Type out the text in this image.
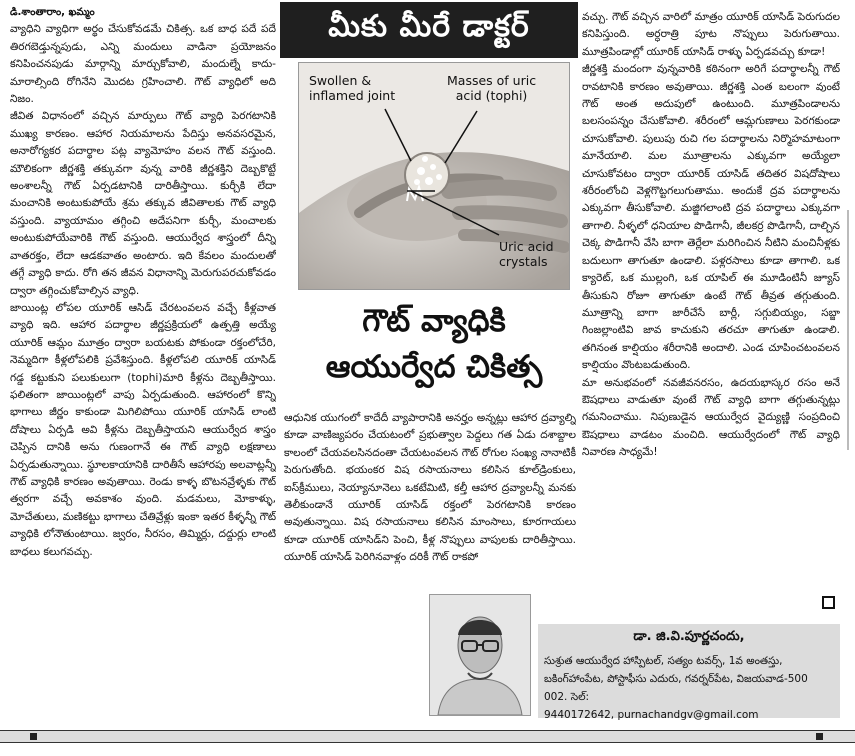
డి.శాంతారాం, ఖమ్మం

వ్యాధిని వ్యాధిగా అర్థం చేసుకోవడమే చికిత్స. ఒక బాధ పదే పదే తిరగబెడ్తున్నపుడు, ఎన్ని మందులు వాడినా ప్రయోజనం కనిపించనపుడు మార్గాన్ని మార్చుకోవాలి, మందుల్నే కాదు- మారాల్సింది రోగినేని మొదట గ్రహించాలి. గౌట్ వ్యాధిలో అది నిజం.

జీవిత విధానంలో వచ్చిన మార్పులు గౌట్ వ్యాధి పెరగటానికి ముఖ్య కారణం. ఆహార నియమాలను పేదిస్తు అనవసరమైన, అనారోగ్యకర పదార్థాల పట్ల వ్యామోహం వలన గౌట్ వస్తుంది. మౌలికంగా జీర్ణశక్తి తక్కువగా వున్న వారికి జీర్ణశక్తిని దెబ్బకొట్టే అంశాలన్నీ గౌట్ ఏర్పడటానికి దారితీస్తాయి. కుర్చీకి లేదా మంచానికి అంటుకుపోయే శ్రమ తక్కువ జీవితాలకు గౌట్ వ్యాధి వస్తుంది. వ్యాయామం తగ్గించి అదేపనిగా కుర్చీ, మంచాలకు అంటుకుపోయేవారికి గౌట్ వస్తుంది. ఆయుర్వేద శాస్త్రంలో దీన్ని వాతరక్తం, లేదా ఆడకవాతం అంటారు. ఇది కేవలం మందులతో తగ్గే వ్యాధి కాదు. రోగి తన జీవన విధానాన్ని మెరుగుపరచుకోవడం ద్వారా తగ్గించుకోవాల్సిన వ్యాధి.

జాయింట్ల లోపల యూరిక్ ఆసిడ్ చేరటంవలన వచ్చే కీళ్లవాత వ్యాధి ఇది. ఆహార పదార్థాల జీర్ణప్రక్రియలో ఉత్పత్తి అయ్యే యూరిక్ ఆమ్లం మూత్రం ద్వారా బయటకు పోకుండా రక్తంలోచేరి, నెమ్మదిగా కీళ్లలోపలికి ప్రవేశిస్తుంది. కీళ్లలోపలి యూరిక్ యాసిడ్ గడ్డ కట్టుకుని పలుకులుగా (tophi)మారి కీళ్లను దెబ్బతీస్తాయి. ఫలితంగా జాయింట్లలో వాపు ఏర్పడుతుంది. ఆహారంలో కొన్ని భాగాలు జీర్ణం కాకుండా మిగిలిపోయి యూరిక్ యాసిడ్ లాంటి దోషాలు ఏర్పడి అవి కీళ్లను దెబ్బతీస్తాయని ఆయుర్వేద శాస్త్రం చెప్పిన దానికి అను గుణంగానే ఈ గౌట్ వ్యాధి లక్షణాలు ఏర్పడుతున్నాయి. స్థూలకాయానికి దారితీసే ఆహారపు అలవాట్లన్నీ గౌట్ వ్యాధికి కారణం అవుతాయి. రెండు కాళ్ళ బొటనవ్రేళ్ళకు గౌట్ త్వరగా వచ్చే అవకాశం వుంది. మడమలు, మోకాళ్ళు, మోచేతులు, మణికట్టు భాగాలు చేతివ్రేళ్లు ఇంకా ఇతర కీళ్ళన్నీ గౌట్ వ్యాధికి లోనౌతుంటాయి. జ్వరం, నీరసం, తిమ్మిర్లు, దద్దుర్లు లాంటి బాధలు కలుగవచ్చు.

మీకు మీరే డాక్టర్
Swollen &
inflamed joint
Masses of uric
acid (tophi)
Uric acid
crystals
గౌట్ వ్యాధికి
ఆయుర్వేద చికిత్స

వచ్చు. గౌట్ వచ్చిన వారిలో మాత్రం యూరిక్ యాసిడ్ పెరుగుదల కనిపిస్తుంది. అర్ధరాత్రి పూట నొప్పులు పెరుగుతాయి. మూత్రపిండాల్లో యూరిక్ యాసిడ్ రాళ్ళు ఏర్పడవచ్చు కూడా!

జీర్ణశక్తి మందంగా వున్నవారికి కఠినంగా అరిగే పదార్థాలన్నీ గౌట్ రావటానికి కారణం అవుతాయి. జీర్ణశక్తి ఎంత బలంగా వుంటే గౌట్ అంత అదుపులో ఉంటుంది. మూత్రపిండాలను బలసంపన్నం చేసుకోవాలి. శరీరంలో ఆమ్లగుణాలు పెరగకుండా చూసుకోవాలి. పులుపు రుచి గల పదార్థాలను నిర్మొహమాటంగా మానేయాలి. మల మూత్రాలను ఎక్కువగా అయ్యేలా చూసుకోవటం ద్వారా యూరిక్ యాసిడ్ తదితర విషదోషాలు శరీరంలోంచి వెళ్లగొట్టగలుగుతాము. అందుకే ద్రవ పదార్థాలను ఎక్కువగా తీసుకోవాలి. మజ్జిగలాంటి ద్రవ పదార్థాలు ఎక్కువగా తాగాలి. నీళ్ళలో ధనియాల పొడిగానీ, జీలకర్ర పొడిగానీ, దాల్చిన చెక్క పొడిగానీ వేసి బాగా తెర్లేలా మరిగించిన నీటిని మంచినీళ్లకు బదులుగా తాగుతూ ఉండాలి. పళ్లరసాలు కూడా తాగాలి. ఒక క్యారెట్, ఒక ముల్లంగి, ఒక యాపిల్ ఈ మూడింటినీ జ్యూస్ తీసుకుని రోజూ తాగుతూ ఉంటే గౌట్ తీవ్రత తగ్గుతుంది. మూత్రాన్ని బాగా జారీచేసే బార్లీ, సగ్గుబియ్యం, సబ్జా గింజల్లాంటివి జావ కాచుకుని తరచూ తాగుతూ ఉండాలి. తగినంత కాల్షియం శరీరానికి అందాలి. ఎండ చూపించటంవలన కాల్షియం వొంటబడుతుంది.

మా అనుభవంలో నవజీవనరసం, ఉదయభాస్కర రసం అనే ఔషధాలు వాడుతూ వుంటే గౌట్ వ్యాధి బాగా తగ్గుతున్నట్లు గమనించాము. నిపుణుడైన ఆయుర్వేద వైద్యుణ్ణి సంప్రదించి ఔషధాలు వాడటం మంచిది. ఆయుర్వేదంలో గౌట్ వ్యాధి నివారణ సాధ్యమే!

ఆధునిక యుగంలో కాదేదీ వ్యాపారానికి అనర్హం అన్నట్లు ఆహార ద్రవ్యాల్ని కూడా వాణిజ్యపరం చేయటంలో ప్రభుత్వాల పెద్దలు గత ఏడు దశాబ్దాల కాలంలో చేయవలసినదంతా చేయటంవలన గౌట్ రోగుల సంఖ్య నానాటికీ పెరుగుతోంది. భయంకర విష రసాయనాలు కలిసిన కూల్‌డ్రింకులు, ఐస్‌క్రీములు, నెయ్యానూనెలు ఒకటేమిటి, కల్తీ ఆహార ద్రవ్యాలన్నీ మనకు తెలీకుండానే యూరిక్ యాసిడ్ రక్తంలో పెరగటానికి కారణం అవుతున్నాయి. విష రసాయనాలు కలిసిన మాంసాలు, కూరగాయలు కూడా యూరిక్ యాసిడ్‌ని పెంచి, కీళ్ల నొప్పులు వాపులకు దారితీస్తాయి. యూరిక్ యాసిడ్ పెరిగినవాళ్లం దరికీ గౌట్ రాకపో

డా. జి.వి.పూర్ణచందు,
సుశ్రుత ఆయుర్వేద హాస్పిటల్, సత్యం టవర్స్, 1వ అంతస్తు, బకింగ్‌హాంపేట, పోస్టాఫీసు ఎదురు, గవర్నర్‌పేట, విజయవాడ-500 002. సెల్:
9440172642, purnachandgv@gmail.com
